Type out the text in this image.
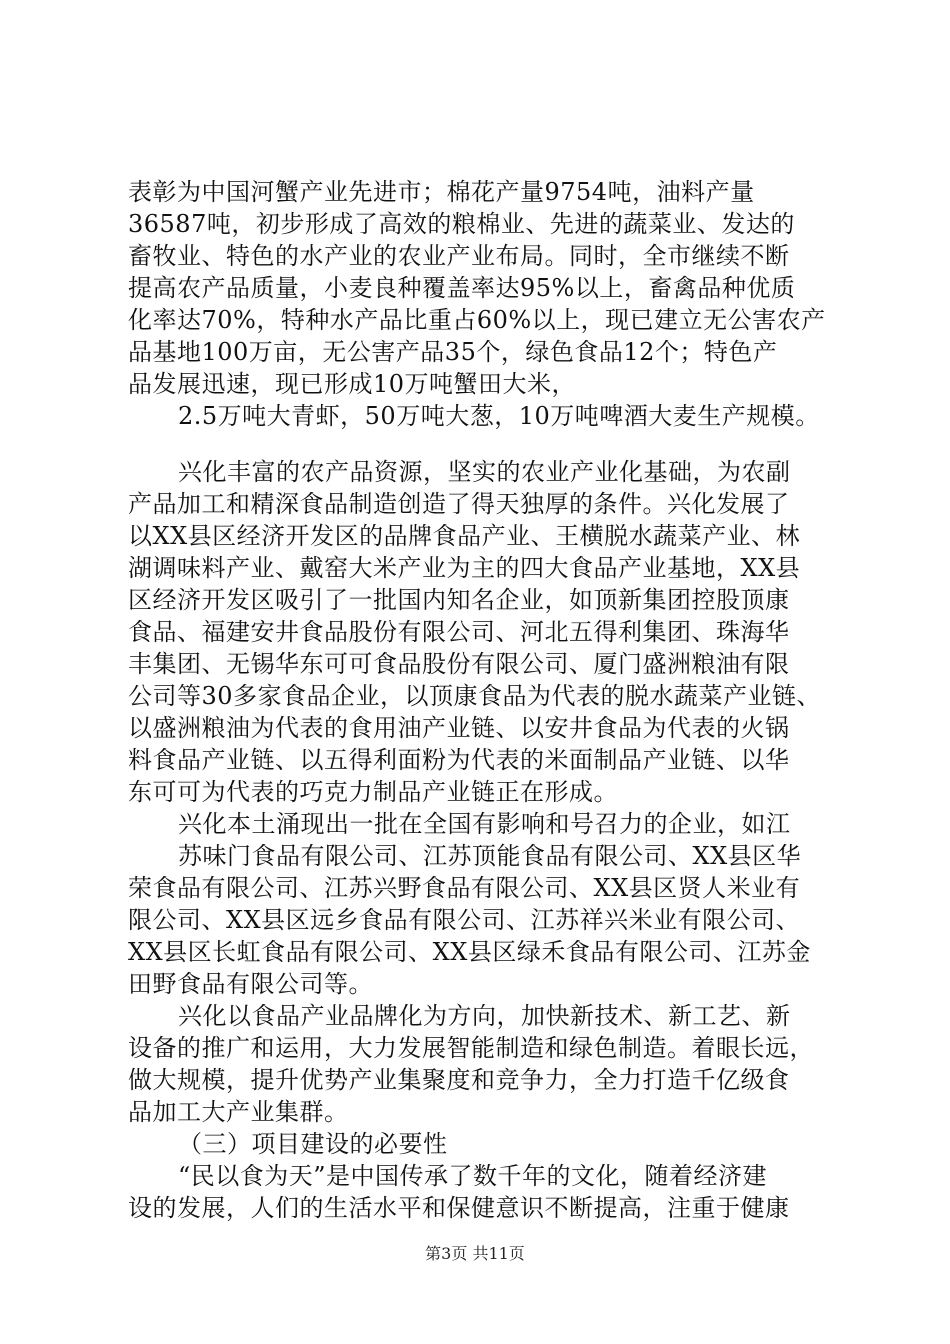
表彰为中国河蟹产业先进市；棉花产量9754吨，油料产量
36587吨，初步形成了高效的粮棉业、先进的蔬菜业、发达的
畜牧业、特色的水产业的农业产业布局。同时，全市继续不断
提高农产品质量，小麦良种覆盖率达95%以上，畜禽品种优质
化率达70%，特种水产品比重占60%以上，现已建立无公害农产
品基地100万亩，无公害产品35个，绿色食品12个；特色产
品发展迅速，现已形成10万吨蟹田大米，
2.5万吨大青虾，50万吨大葱，10万吨啤酒大麦生产规模。
兴化丰富的农产品资源，坚实的农业产业化基础，为农副
产品加工和精深食品制造创造了得天独厚的条件。兴化发展了
以XX县区经济开发区的品牌食品产业、王横脱水蔬菜产业、林
湖调味料产业、戴窑大米产业为主的四大食品产业基地，XX县
区经济开发区吸引了一批国内知名企业，如顶新集团控股顶康
食品、福建安井食品股份有限公司、河北五得利集团、珠海华
丰集团、无锡华东可可食品股份有限公司、厦门盛洲粮油有限
公司等30多家食品企业，以顶康食品为代表的脱水蔬菜产业链、
以盛洲粮油为代表的食用油产业链、以安井食品为代表的火锅
料食品产业链、以五得利面粉为代表的米面制品产业链、以华
东可可为代表的巧克力制品产业链正在形成。
兴化本土涌现出一批在全国有影响和号召力的企业，如江
苏味门食品有限公司、江苏顶能食品有限公司、XX县区华
荣食品有限公司、江苏兴野食品有限公司、XX县区贤人米业有
限公司、XX县区远乡食品有限公司、江苏祥兴米业有限公司、
XX县区长虹食品有限公司、XX县区绿禾食品有限公司、江苏金
田野食品有限公司等。
兴化以食品产业品牌化为方向，加快新技术、新工艺、新
设备的推广和运用，大力发展智能制造和绿色制造。着眼长远，
做大规模，提升优势产业集聚度和竞争力，全力打造千亿级食
品加工大产业集群。
（三）项目建设的必要性
“民以食为天”是中国传承了数千年的文化，随着经济建
设的发展，人们的生活水平和保健意识不断提高，注重于健康
第3页 共11页
